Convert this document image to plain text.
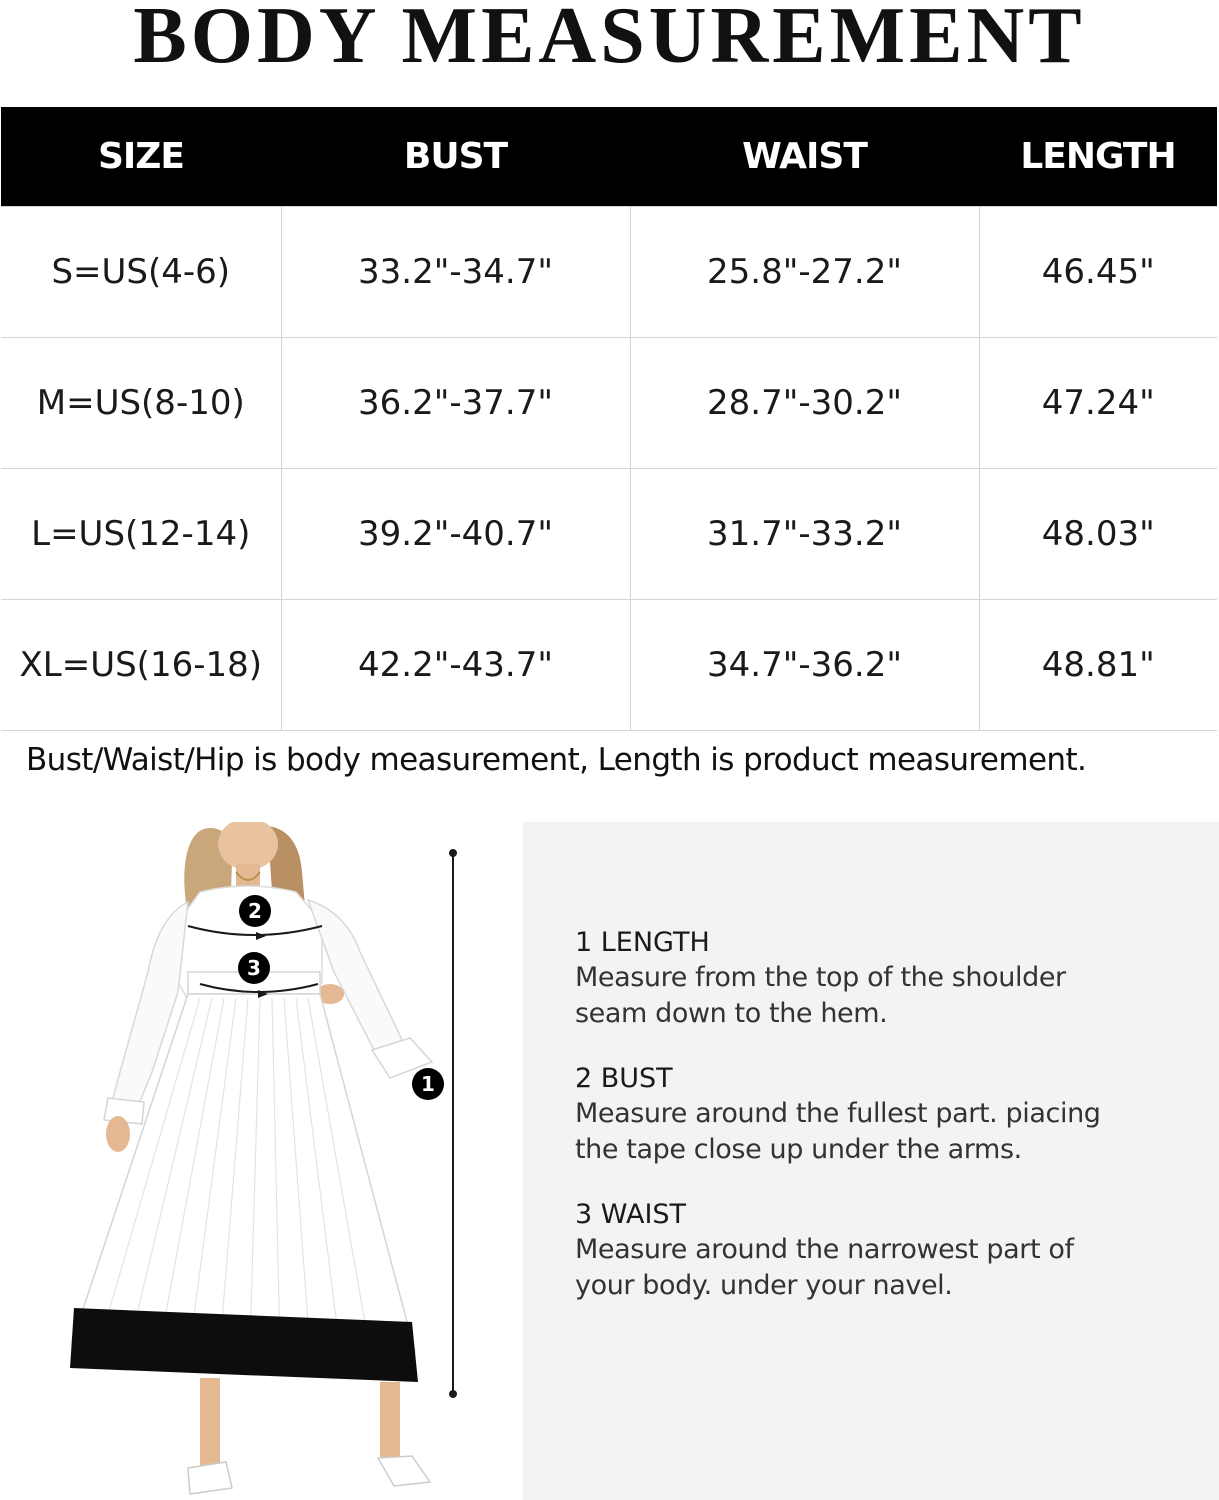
BODY MEASUREMENT
SIZE	BUST	WAIST	LENGTH
S=US(4-6)	33.2"-34.7"	25.8"-27.2"	46.45"
M=US(8-10)	36.2"-37.7"	28.7"-30.2"	47.24"
L=US(12-14)	39.2"-40.7"	31.7"-33.2"	48.03"
XL=US(16-18)	42.2"-43.7"	34.7"-36.2"	48.81"
Bust/Waist/Hip is body measurement, Length is product measurement.
2
3
1
1 LENGTH
Measure from the top of the shoulder
seam down to the hem.
2 BUST
Measure around the fullest part. piacing
the tape close up under the arms.
3 WAIST
Measure around the narrowest part of
your body. under your navel.
